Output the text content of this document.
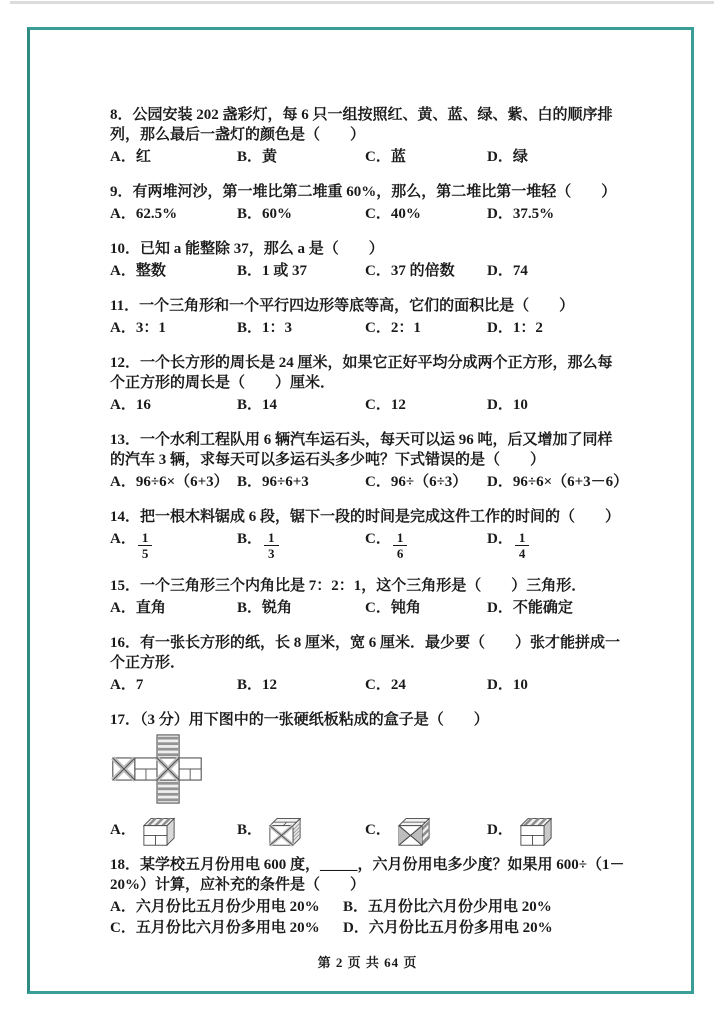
8．公园安装 202 盏彩灯，每 6 只一组按照红、黄、蓝、绿、紫、白的顺序排列，那么最后一盏灯的颜色是（　　）

A．红	B．黄	C．蓝	D．绿

9．有两堆河沙，第一堆比第二堆重 60%，那么，第二堆比第一堆轻（　　）

A．62.5%	B．60%	C．40%	D．37.5%

10．已知 a 能整除 37，那么 a 是（　　）

A．整数	B．1 或 37	C．37 的倍数	D．74

11．一个三角形和一个平行四边形等底等高，它们的面积比是（　　）

A．3：1	B．1：3	C．2：1	D．1：2

12．一个长方形的周长是 24 厘米，如果它正好平均分成两个正方形，那么每个正方形的周长是（　　）厘米．

A．16	B．14	C．12	D．10

13．一个水利工程队用 6 辆汽车运石头，每天可以运 96 吨，后又增加了同样的汽车 3 辆，求每天可以多运石头多少吨？下式错误的是（　　）

A．96÷6×（6+3） B．96÷6+3	C．96÷（6÷3）	D．96÷6×（6+3－6）

14．把一根木料锯成 6 段，锯下一段的时间是完成这件工作的时间的（　　）

A． $\frac{1}{5}$	B． $\frac{1}{3}$	C． $\frac{1}{6}$	D． $\frac{1}{4}$

15．一个三角形三个内角比是 7：2：1，这个三角形是（　　）三角形．

A．直角	B．锐角	C．钝角	D．不能确定

16．有一张长方形的纸，长 8 厘米，宽 6 厘米．最少要（　　）张才能拼成一个正方形．

A．7	B．12	C．24	D．10

17．（3 分）用下图中的一张硬纸板粘成的盒子是（　　）

A．	B．	C．	D．

18．某学校五月份用电 600 度，_____，六月份用电多少度？如果用 600÷（1－20%）计算，应补充的条件是（　　）

A．六月份比五月份少用电 20%	B．五月份比六月份少用电 20%
C．五月份比六月份多用电 20%	D．六月份比五月份多用电 20%
第 2 页 共 64 页
